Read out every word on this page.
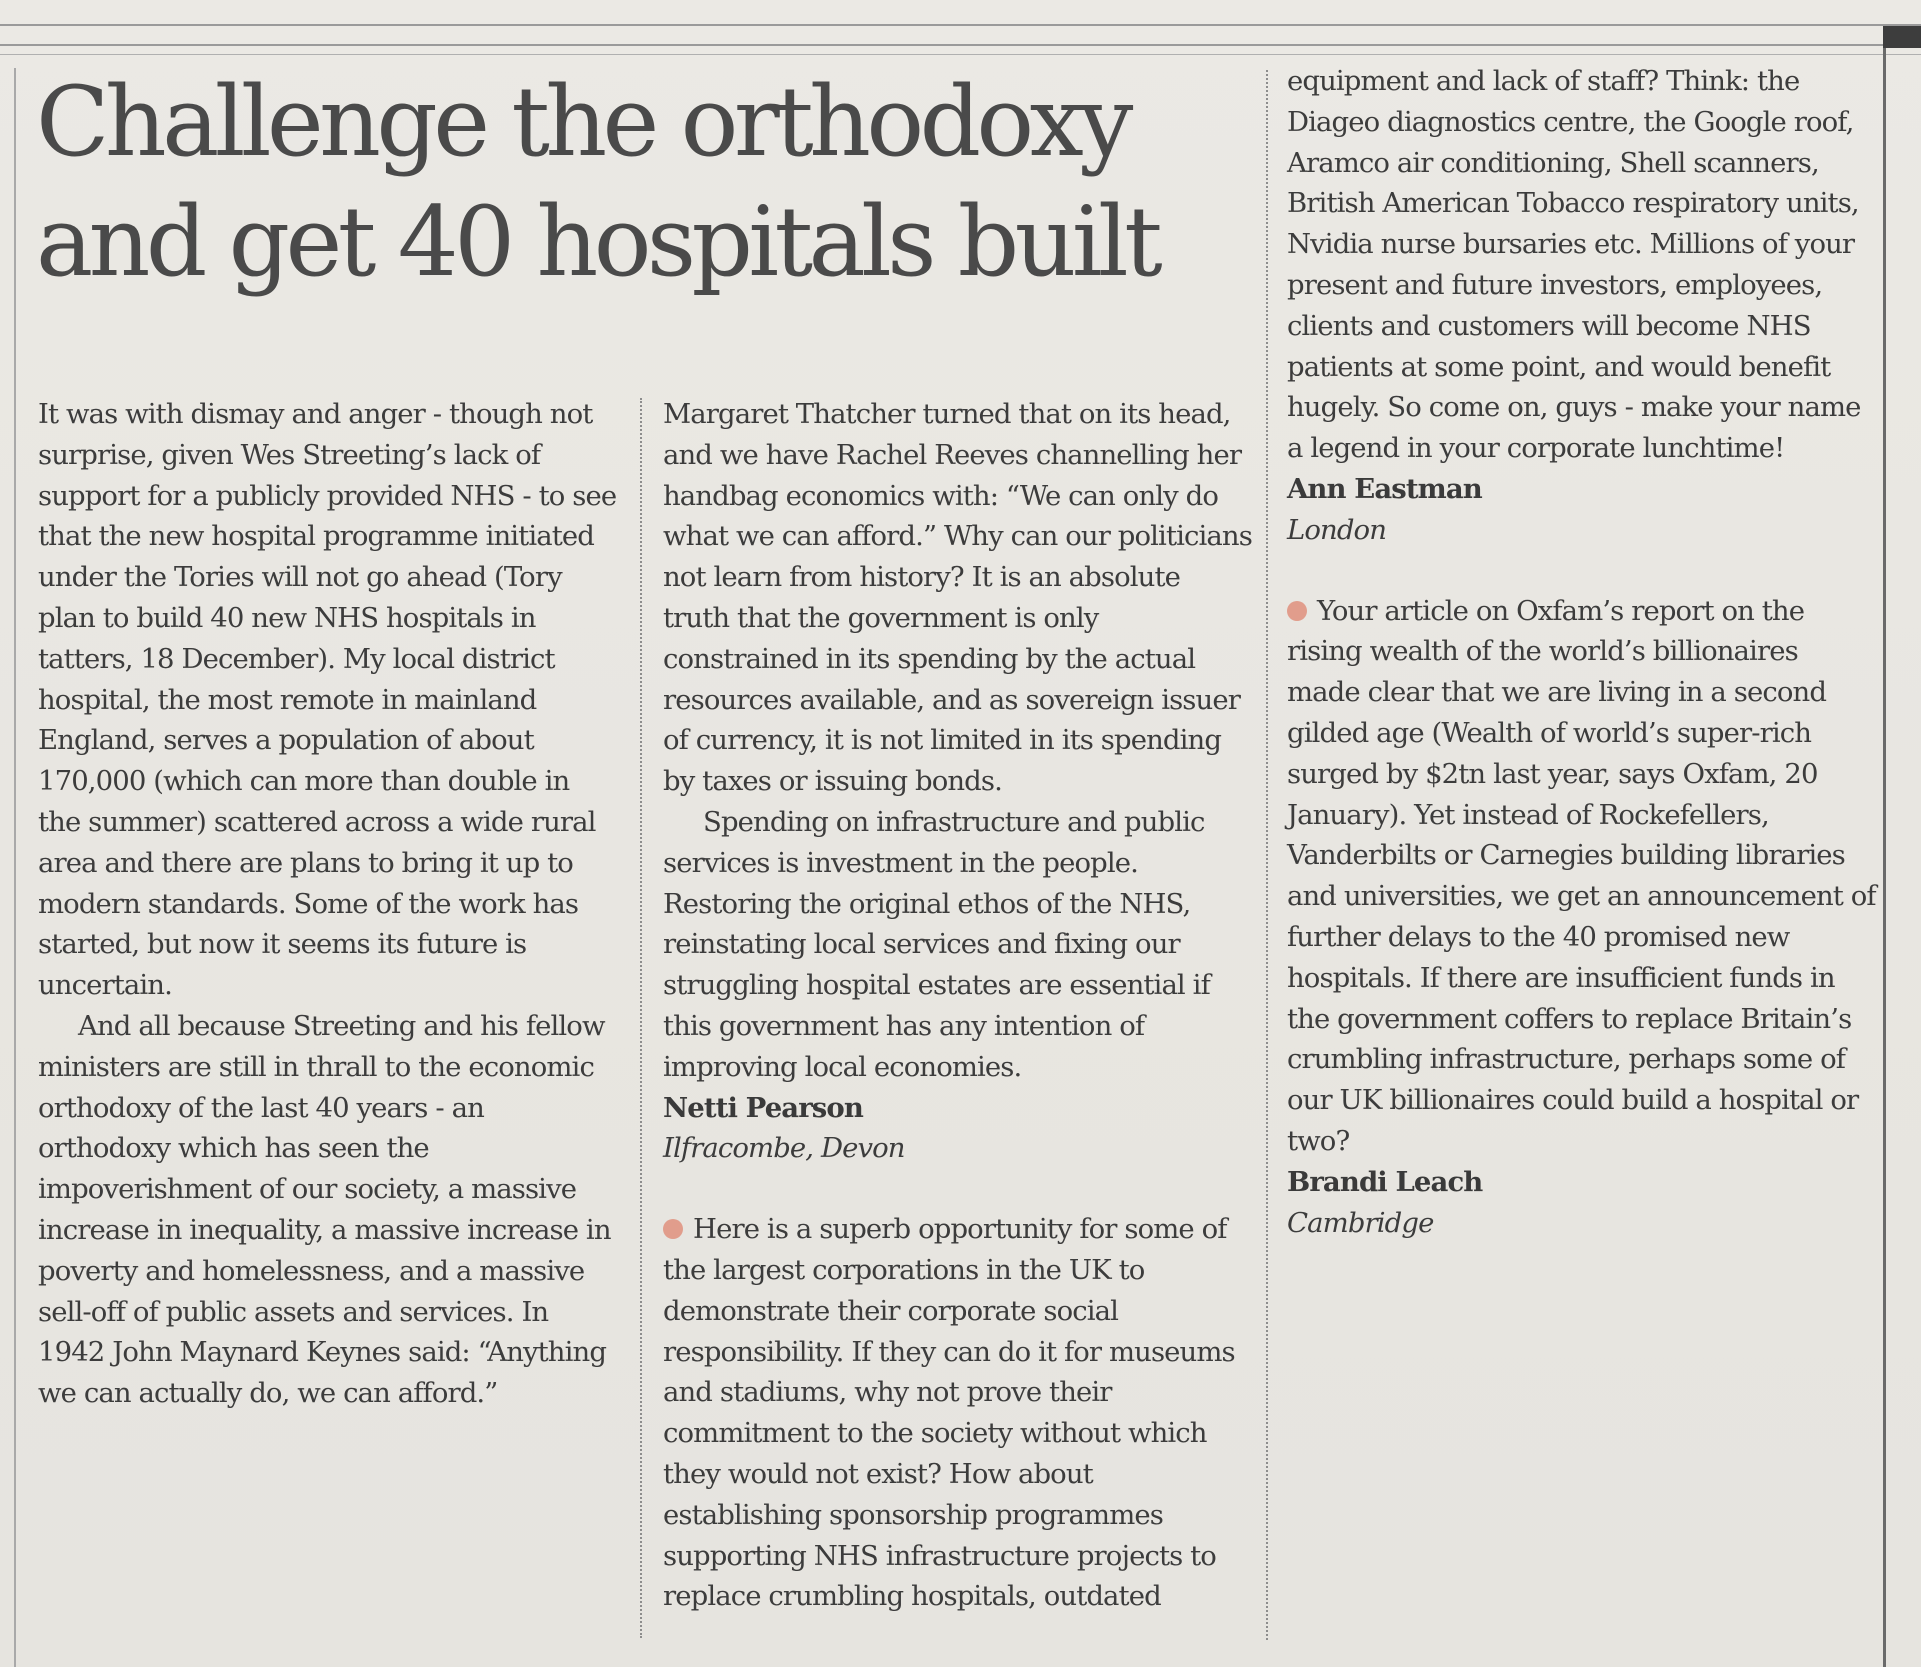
Challenge the orthodoxy
and get 40 hospitals built

It was with dismay and anger - though not surprise, given Wes Streeting’s lack of support for a publicly provided NHS - to see that the new hospital programme initiated under the Tories will not go ahead (Tory plan to build 40 new NHS hospitals in tatters, 18 December). My local district hospital, the most remote in mainland England, serves a population of about 170,000 (which can more than double in the summer) scattered across a wide rural area and there are plans to bring it up to modern standards. Some of the work has started, but now it seems its future is uncertain.

And all because Streeting and his fellow ministers are still in thrall to the economic orthodoxy of the last 40 years - an orthodoxy which has seen the impoverishment of our society, a massive increase in inequality, a massive increase in poverty and homelessness, and a massive sell-off of public assets and services. In 1942 John Maynard Keynes said: “Anything we can actually do, we can afford.”

Margaret Thatcher turned that on its head, and we have Rachel Reeves channelling her handbag economics with: “We can only do what we can afford.” Why can our politicians not learn from history? It is an absolute truth that the government is only constrained in its spending by the actual resources available, and as sovereign issuer of currency, it is not limited in its spending by taxes or issuing bonds.

Spending on infrastructure and public services is investment in the people. Restoring the original ethos of the NHS, reinstating local services and fixing our struggling hospital estates are essential if this government has any intention of improving local economies.

Netti Pearson

Ilfracombe, Devon

Here is a superb opportunity for some of the largest corporations in the UK to demonstrate their corporate social responsibility. If they can do it for museums and stadiums, why not prove their commitment to the society without which they would not exist? How about establishing sponsorship programmes supporting NHS infrastructure projects to replace crumbling hospitals, outdated

equipment and lack of staff? Think: the Diageo diagnostics centre, the Google roof, Aramco air conditioning, Shell scanners, British American Tobacco respiratory units, Nvidia nurse bursaries etc. Millions of your present and future investors, employees, clients and customers will become NHS patients at some point, and would benefit hugely. So come on, guys - make your name a legend in your corporate lunchtime!

Ann Eastman

London

Your article on Oxfam’s report on the rising wealth of the world’s billionaires made clear that we are living in a second gilded age (Wealth of world’s super-rich surged by $2tn last year, says Oxfam, 20 January). Yet instead of Rockefellers, Vanderbilts or Carnegies building libraries and universities, we get an announcement of further delays to the 40 promised new hospitals. If there are insufficient funds in the government coffers to replace Britain’s crumbling infrastructure, perhaps some of our UK billionaires could build a hospital or two?

Brandi Leach

Cambridge
